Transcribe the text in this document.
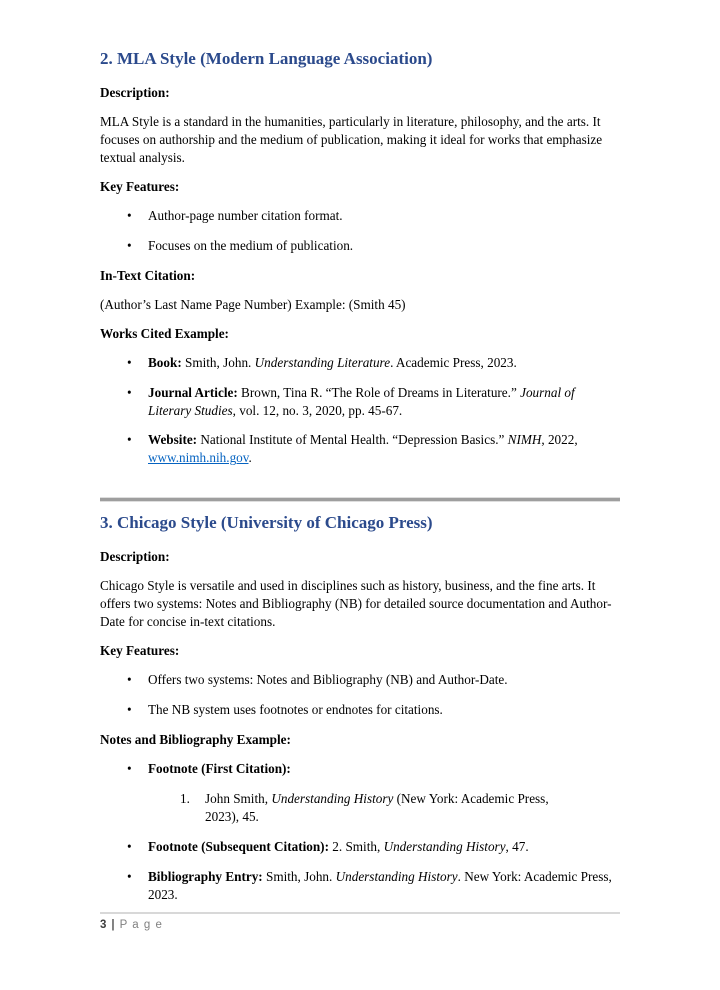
2. MLA Style (Modern Language Association)

Description:

MLA Style is a standard in the humanities, particularly in literature, philosophy, and the arts. It focuses on authorship and the medium of publication, making it ideal for works that emphasize textual analysis.

Key Features:

• Author-page number citation format.
• Focuses on the medium of publication.

In-Text Citation:

(Author’s Last Name Page Number) Example: (Smith 45)

Works Cited Example:

• Book: Smith, John. Understanding Literature. Academic Press, 2023.
• Journal Article: Brown, Tina R. “The Role of Dreams in Literature.” Journal of Literary Studies, vol. 12, no. 3, 2020, pp. 45-67.
• Website: National Institute of Mental Health. “Depression Basics.” NIMH, 2022, www.nimh.nih.gov.
3. Chicago Style (University of Chicago Press)

Description:

Chicago Style is versatile and used in disciplines such as history, business, and the fine arts. It offers two systems: Notes and Bibliography (NB) for detailed source documentation and Author-Date for concise in-text citations.

Key Features:

• Offers two systems: Notes and Bibliography (NB) and Author-Date.
• The NB system uses footnotes or endnotes for citations.

Notes and Bibliography Example:

• Footnote (First Citation):
1. John Smith, Understanding History (New York: Academic Press, 2023), 45.
• Footnote (Subsequent Citation): 2. Smith, Understanding History, 47.
• Bibliography Entry: Smith, John. Understanding History. New York: Academic Press, 2023.
3 | P a g e
